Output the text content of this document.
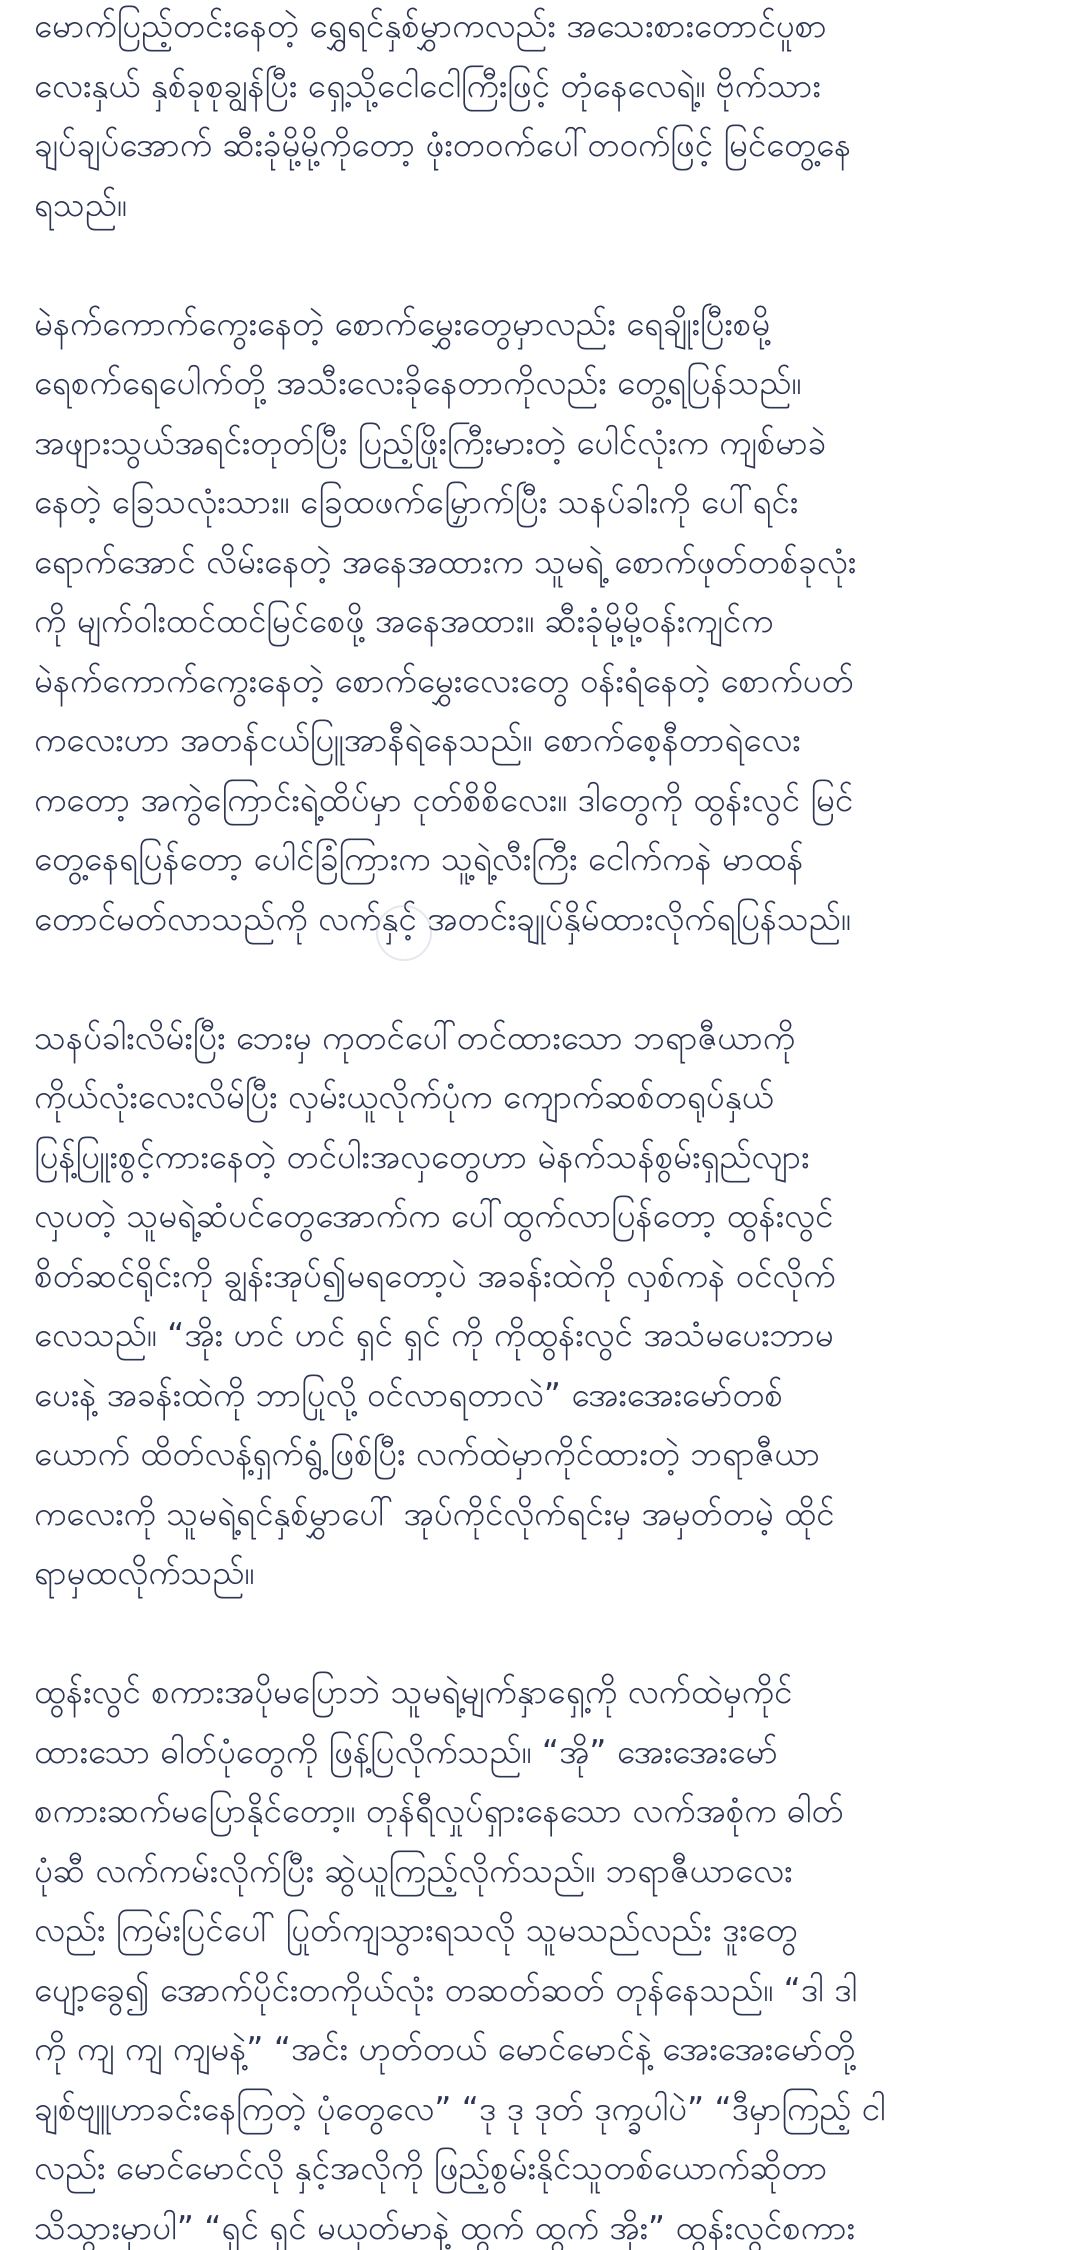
မောက်ပြည့်တင်းနေတဲ့ ရွှေရင်နှစ်မွှာကလည်း အသေးစားတောင်ပူစာ
လေးနှယ် နှစ်ခုစုချွန်ပြီး ရှေ့သို့ငေါငေါကြီးဖြင့် တုံနေလေရဲ့။ ဗိုက်သား
ချပ်ချပ်အောက် ဆီးခုံမို့မို့ကိုတော့ ဖုံးတဝက်ပေါ်တဝက်ဖြင့် မြင်တွေ့နေ
ရသည်။

မဲနက်ကောက်ကွေးနေတဲ့ စောက်မွှေးတွေမှာလည်း ရေချိုးပြီးစမို့
ရေစက်ရေပေါက်တို့ အသီးလေးခိုနေတာကိုလည်း တွေ့ရပြန်သည်။
အဖျားသွယ်အရင်းတုတ်ပြီး ပြည့်ဖြိုးကြီးမားတဲ့ ပေါင်လုံးက ကျစ်မာခဲ
နေတဲ့ ခြေသလုံးသား။ ခြေထဖက်မြှောက်ပြီး သနပ်ခါးကို ပေါ်ရင်း
ရောက်အောင် လိမ်းနေတဲ့ အနေအထားက သူမရဲ့ စောက်ဖုတ်တစ်ခုလုံး
ကို မျက်ဝါးထင်ထင်မြင်စေဖို့ အနေအထား။ ဆီးခုံမို့မို့ဝန်းကျင်က
မဲနက်ကောက်ကွေးနေတဲ့ စောက်မွှေးလေးတွေ ဝန်းရံနေတဲ့ စောက်ပတ်
ကလေးဟာ အတန်ငယ်ပြူအာနီရဲနေသည်။ စောက်စေ့နီတာရဲလေး
ကတော့ အကွဲကြောင်းရဲ့ထိပ်မှာ ငုတ်စိစိလေး။ ဒါတွေကို ထွန်းလွင် မြင်
တွေ့နေရပြန်တော့ ပေါင်ခြံကြားက သူ့ရဲ့လီးကြီး ငေါက်ကနဲ မာထန်
တောင်မတ်လာသည်ကို လက်နှင့် အတင်းချုပ်နှိမ်ထားလိုက်ရပြန်သည်။

သနပ်ခါးလိမ်းပြီး ဘေးမှ ကုတင်ပေါ်တင်ထားသော ဘရာဇီယာကို
ကိုယ်လုံးလေးလိမ်ပြီး လှမ်းယူလိုက်ပုံက ကျောက်ဆစ်တရုပ်နှယ်
ပြန့်ပြူးစွင့်ကားနေတဲ့ တင်ပါးအလှတွေဟာ မဲနက်သန်စွမ်းရှည်လျား
လှပတဲ့ သူမရဲ့ဆံပင်တွေအောက်က ပေါ်ထွက်လာပြန်တော့ ထွန်းလွင်
စိတ်ဆင်ရိုင်းကို ချွန်းအုပ်၍မရတော့ပဲ အခန်းထဲကို လှစ်ကနဲ ဝင်လိုက်
လေသည်။ “အိုး ဟင် ဟင် ရှင် ရှင် ကို ကိုထွန်းလွင် အသံမပေးဘာမ
ပေးနဲ့ အခန်းထဲကို ဘာပြုလို့ ဝင်လာရတာလဲ” အေးအေးမော်တစ်
ယောက် ထိတ်လန့်ရှက်ရွံ့ဖြစ်ပြီး လက်ထဲမှာကိုင်ထားတဲ့ ဘရာဇီယာ
ကလေးကို သူမရဲ့ရင်နှစ်မွှာပေါ် အုပ်ကိုင်လိုက်ရင်းမှ အမှတ်တမဲ့ ထိုင်
ရာမှထလိုက်သည်။

ထွန်းလွင် စကားအပိုမပြောဘဲ သူမရဲ့မျက်နှာရှေ့ကို လက်ထဲမှကိုင်
ထားသော ဓါတ်ပုံတွေကို ဖြန့်ပြလိုက်သည်။ “အို” အေးအေးမော်
စကားဆက်မပြောနိုင်တော့။ တုန်ရီလှုပ်ရှားနေသော လက်အစုံက ဓါတ်
ပုံဆီ လက်ကမ်းလိုက်ပြီး ဆွဲယူကြည့်လိုက်သည်။ ဘရာဇီယာလေး
လည်း ကြမ်းပြင်ပေါ် ပြုတ်ကျသွားရသလို သူမသည်လည်း ဒူးတွေ
ပျော့ခွေ၍ အောက်ပိုင်းတကိုယ်လုံး တဆတ်ဆတ် တုန်နေသည်။ “ဒါ ဒါ
ကို ကျ ကျ ကျမနဲ့” “အင်း ဟုတ်တယ် မောင်မောင်နဲ့ အေးအေးမော်တို့
ချစ်ဗျူဟာခင်းနေကြတဲ့ ပုံတွေလေ” “ဒု ဒု ဒုတ် ဒုက္ခပါပဲ” “ဒီမှာကြည့် ငါ
လည်း မောင်မောင်လို နှင့်အလိုကို ဖြည့်စွမ်းနိုင်သူတစ်ယောက်ဆိုတာ
သိသွားမှာပါ” “ရှင် ရှင် မယုတ်မာနဲ့ ထွက် ထွက် အိုး” ထွန်းလွင်စကား
